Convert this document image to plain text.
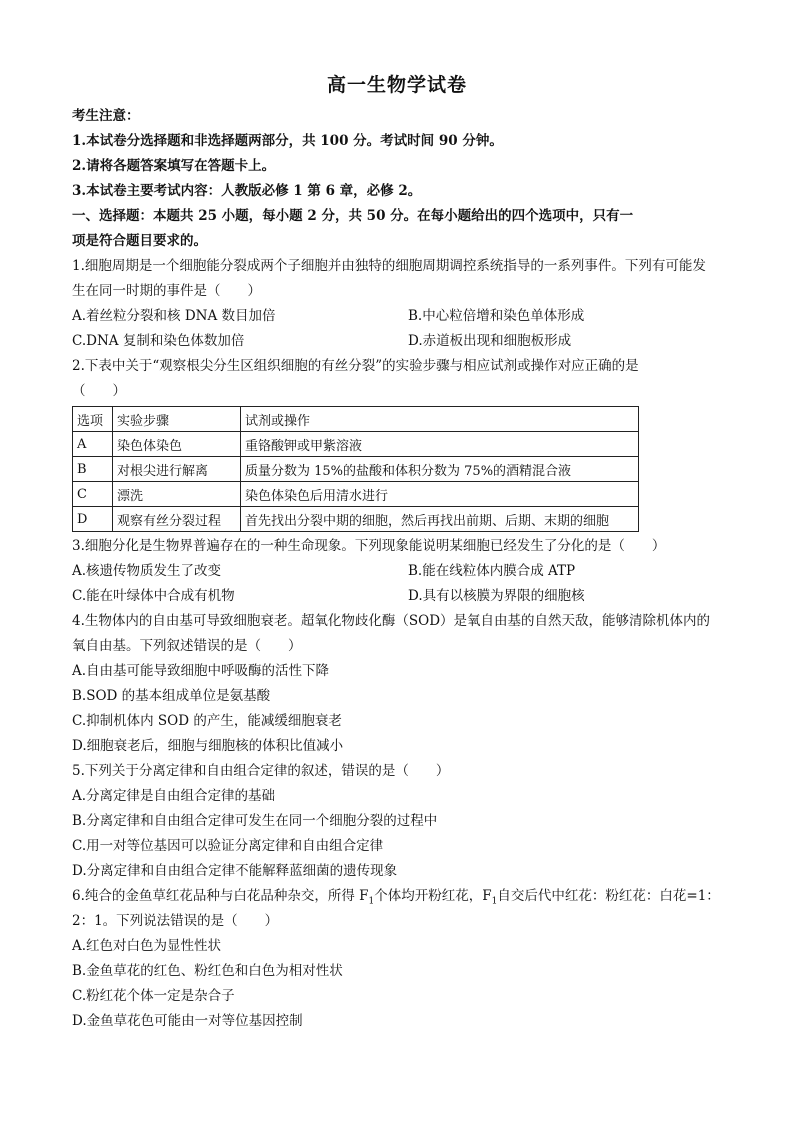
高一生物学试卷
考生注意：
1.本试卷分选择题和非选择题两部分，共 100 分。考试时间 90 分钟。
2.请将各题答案填写在答题卡上。
3.本试卷主要考试内容：人教版必修 1 第 6 章，必修 2。
一、选择题：本题共 25 小题，每小题 2 分，共 50 分。在每小题给出的四个选项中，只有一
项是符合题目要求的。
1.细胞周期是一个细胞能分裂成两个子细胞并由独特的细胞周期调控系统指导的一系列事件。下列有可能发
生在同一时期的事件是（　　）
A.着丝粒分裂和核 DNA 数目加倍	B.中心粒倍增和染色单体形成
C.DNA 复制和染色体数加倍	D.赤道板出现和细胞板形成
2.下表中关于“观察根尖分生区组织细胞的有丝分裂”的实验步骤与相应试剂或操作对应正确的是
（　　）
选项	实验步骤	试剂或操作
A	染色体染色	重铬酸钾或甲紫溶液
B	对根尖进行解离	质量分数为 15%的盐酸和体积分数为 75%的酒精混合液
C	漂洗	染色体染色后用清水进行
D	观察有丝分裂过程	首先找出分裂中期的细胞，然后再找出前期、后期、末期的细胞
3.细胞分化是生物界普遍存在的一种生命现象。下列现象能说明某细胞已经发生了分化的是（　　）
A.核遗传物质发生了改变	B.能在线粒体内膜合成 ATP
C.能在叶绿体中合成有机物	D.具有以核膜为界限的细胞核
4.生物体内的自由基可导致细胞衰老。超氧化物歧化酶（SOD）是氧自由基的自然天敌，能够清除机体内的
氧自由基。下列叙述错误的是（　　）
A.自由基可能导致细胞中呼吸酶的活性下降
B.SOD 的基本组成单位是氨基酸
C.抑制机体内 SOD 的产生，能减缓细胞衰老
D.细胞衰老后，细胞与细胞核的体积比值减小
5.下列关于分离定律和自由组合定律的叙述，错误的是（　　）
A.分离定律是自由组合定律的基础
B.分离定律和自由组合定律可发生在同一个细胞分裂的过程中
C.用一对等位基因可以验证分离定律和自由组合定律
D.分离定律和自由组合定律不能解释蓝细菌的遗传现象
6.纯合的金鱼草红花品种与白花品种杂交，所得 $F_1$个体均开粉红花，$F_1$自交后代中红花：粉红花：白花=1：
2：1。下列说法错误的是（　　）
A.红色对白色为显性性状
B.金鱼草花的红色、粉红色和白色为相对性状
C.粉红花个体一定是杂合子
D.金鱼草花色可能由一对等位基因控制
